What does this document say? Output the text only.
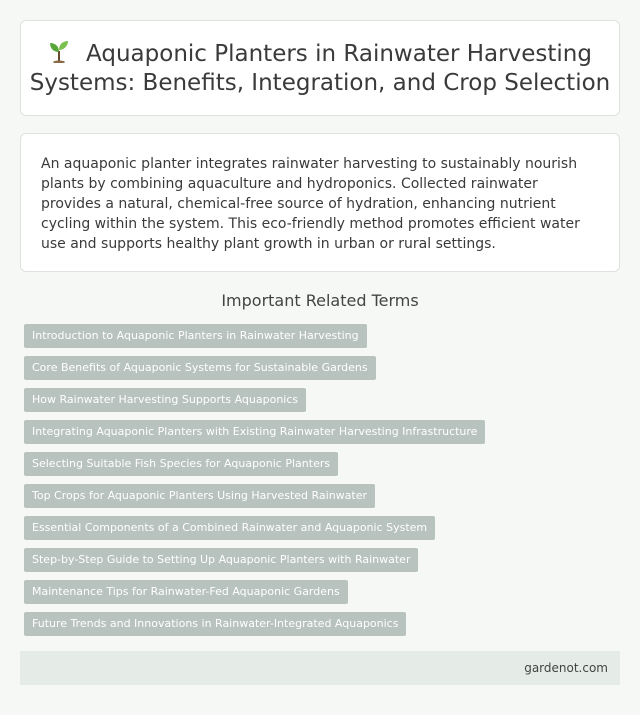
Aquaponic Planters in Rainwater Harvesting Systems: Benefits, Integration, and Crop Selection

An aquaponic planter integrates rainwater harvesting to sustainably nourish plants by combining aquaculture and hydroponics. Collected rainwater provides a natural, chemical-free source of hydration, enhancing nutrient cycling within the system. This eco-friendly method promotes efficient water use and supports healthy plant growth in urban or rural settings.

Important Related Terms
Introduction to Aquaponic Planters in Rainwater Harvesting
Core Benefits of Aquaponic Systems for Sustainable Gardens
How Rainwater Harvesting Supports Aquaponics
Integrating Aquaponic Planters with Existing Rainwater Harvesting Infrastructure
Selecting Suitable Fish Species for Aquaponic Planters
Top Crops for Aquaponic Planters Using Harvested Rainwater
Essential Components of a Combined Rainwater and Aquaponic System
Step-by-Step Guide to Setting Up Aquaponic Planters with Rainwater
Maintenance Tips for Rainwater-Fed Aquaponic Gardens
Future Trends and Innovations in Rainwater-Integrated Aquaponics
gardenot.com
